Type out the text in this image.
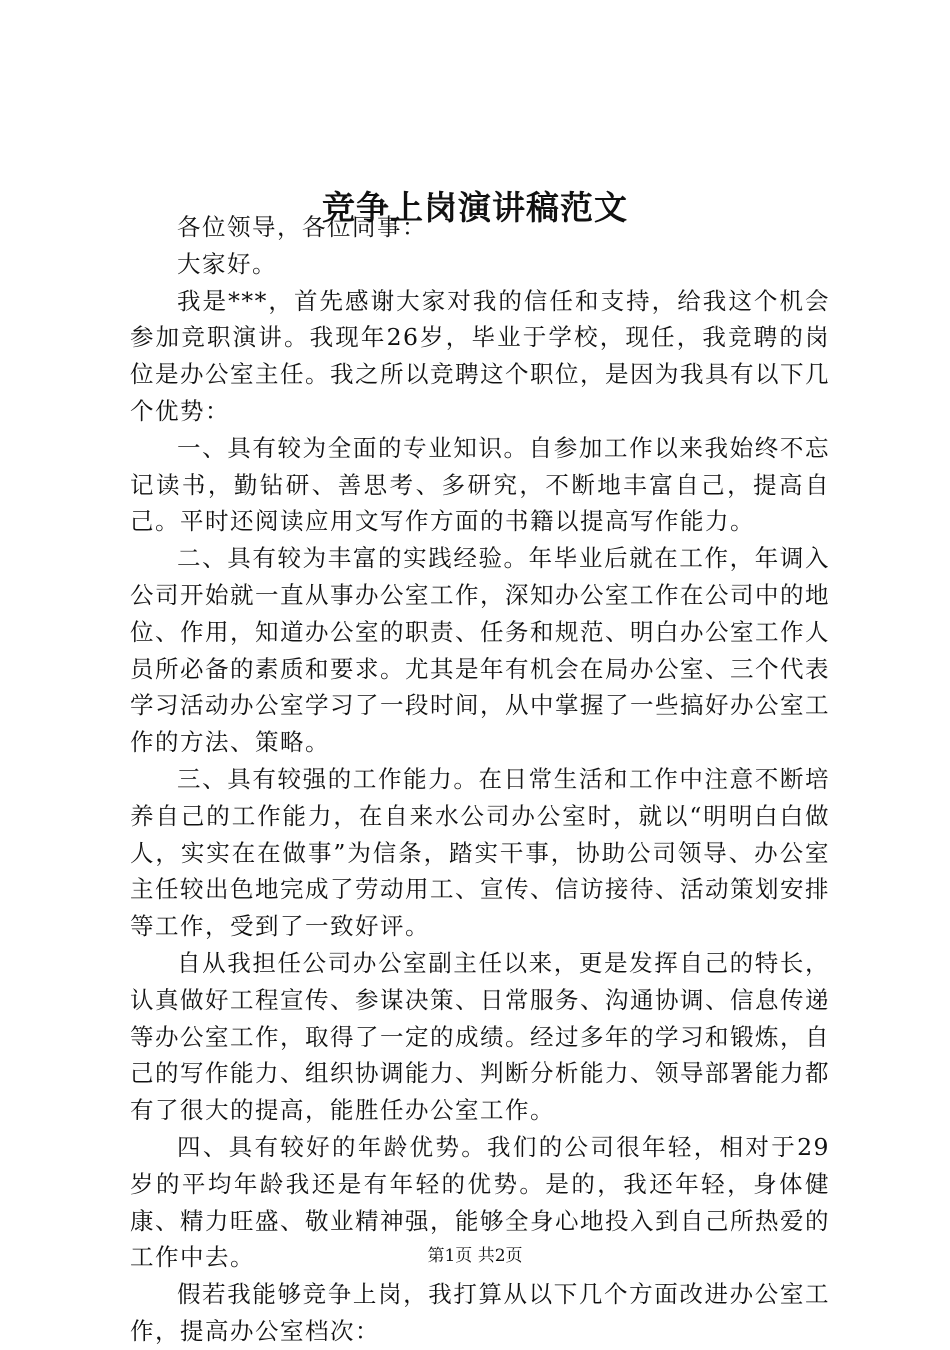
竞争上岗演讲稿范文

各位领导，各位同事：

大家好。

我是***，首先感谢大家对我的信任和支持，给我这个机会参加竞职演讲。我现年26岁，毕业于学校，现任，我竞聘的岗位是办公室主任。我之所以竞聘这个职位，是因为我具有以下几个优势：

一、具有较为全面的专业知识。自参加工作以来我始终不忘记读书，勤钻研、善思考、多研究，不断地丰富自己，提高自己。平时还阅读应用文写作方面的书籍以提高写作能力。

二、具有较为丰富的实践经验。年毕业后就在工作，年调入公司开始就一直从事办公室工作，深知办公室工作在公司中的地位、作用，知道办公室的职责、任务和规范、明白办公室工作人员所必备的素质和要求。尤其是年有机会在局办公室、三个代表学习活动办公室学习了一段时间，从中掌握了一些搞好办公室工作的方法、策略。

三、具有较强的工作能力。在日常生活和工作中注意不断培养自己的工作能力，在自来水公司办公室时，就以“明明白白做人，实实在在做事”为信条，踏实干事，协助公司领导、办公室主任较出色地完成了劳动用工、宣传、信访接待、活动策划安排等工作，受到了一致好评。

自从我担任公司办公室副主任以来，更是发挥自己的特长，认真做好工程宣传、参谋决策、日常服务、沟通协调、信息传递等办公室工作，取得了一定的成绩。经过多年的学习和锻炼，自己的写作能力、组织协调能力、判断分析能力、领导部署能力都有了很大的提高，能胜任办公室工作。

四、具有较好的年龄优势。我们的公司很年轻，相对于29岁的平均年龄我还是有年轻的优势。是的，我还年轻，身体健康、精力旺盛、敬业精神强，能够全身心地投入到自己所热爱的工作中去。

假若我能够竞争上岗，我打算从以下几个方面改进办公室工作，提高办公室档次：

第1页 共2页
